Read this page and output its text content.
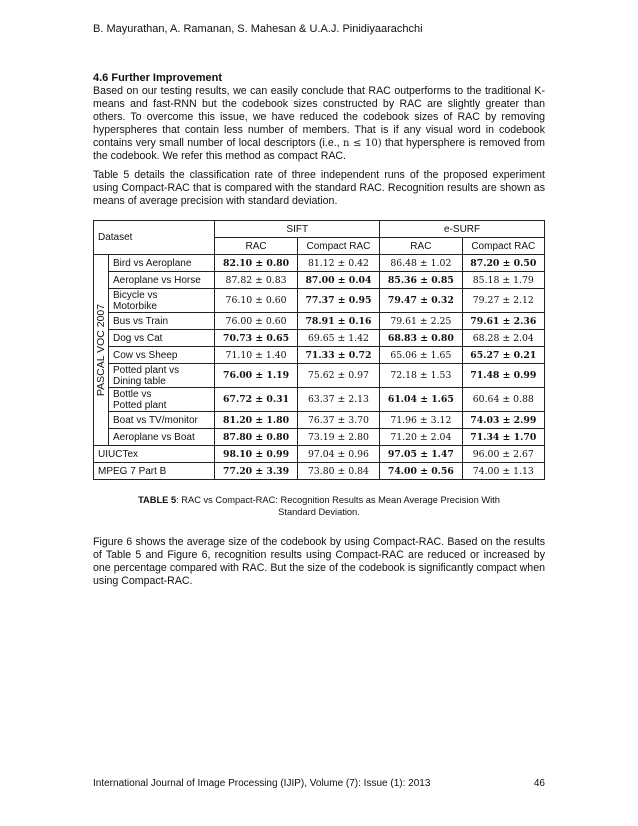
B. Mayurathan, A. Ramanan, S. Mahesan & U.A.J. Pinidiyaarachchi
4.6 Further Improvement

Based on our testing results, we can easily conclude that RAC outperforms to the traditional K-means and fast-RNN but the codebook sizes constructed by RAC are slightly greater than others. To overcome this issue, we have reduced the codebook sizes of RAC by removing hyperspheres that contain less number of members. That is if any visual word in codebook contains very small number of local descriptors (i.e., n ≤ 10) that hypersphere is removed from the codebook. We refer this method as compact RAC.

Table 5 details the classification rate of three independent runs of the proposed experiment using Compact-RAC that is compared with the standard RAC. Recognition results are shown as means of average precision with standard deviation.

Dataset		SIFT		e-SURF	
		RAC	Compact RAC	RAC	Compact RAC

PASCAL VOC 2007	Bird vs Aeroplane	82.10 ± 0.80	81.12 ± 0.42	86.48 ± 1.02	87.20 ± 0.50
	Aeroplane vs Horse	87.82 ± 0.83	87.00 ± 0.04	85.36 ± 0.85	85.18 ± 1.79
	Bicycle vs
Motorbike	76.10 ± 0.60	77.37 ± 0.95	79.47 ± 0.32	79.27 ± 2.12
	Bus vs Train	76.00 ± 0.60	78.91 ± 0.16	79.61 ± 2.25	79.61 ± 2.36
	Dog vs Cat	70.73 ± 0.65	69.65 ± 1.42	68.83 ± 0.80	68.28 ± 2.04
	Cow vs Sheep	71.10 ± 1.40	71.33 ± 0.72	65.06 ± 1.65	65.27 ± 0.21
	Potted plant vs
Dining table	76.00 ± 1.19	75.62 ± 0.97	72.18 ± 1.53	71.48 ± 0.99
	Bottle vs
Potted plant	67.72 ± 0.31	63.37 ± 2.13	61.04 ± 1.65	60.64 ± 0.88
	Boat vs TV/monitor	81.20 ± 1.80	76.37 ± 3.70	71.96 ± 3.12	74.03 ± 2.99
	Aeroplane vs Boat	87.80 ± 0.80	73.19 ± 2.80	71.20 ± 2.04	71.34 ± 1.70
UIUCTex		98.10 ± 0.99	97.04 ± 0.96	97.05 ± 1.47	96.00 ± 2.67
MPEG 7 Part B		77.20 ± 3.39	73.80 ± 0.84	74.00 ± 0.56	74.00 ± 1.13
TABLE 5: RAC vs Compact-RAC: Recognition Results as Mean Average Precision With Standard Deviation.

Figure 6 shows the average size of the codebook by using Compact-RAC. Based on the results of Table 5 and Figure 6, recognition results using Compact-RAC are reduced or increased by one percentage compared with RAC. But the size of the codebook is significantly compact when using Compact-RAC.

International Journal of Image Processing (IJIP), Volume (7): Issue (1): 2013	46
